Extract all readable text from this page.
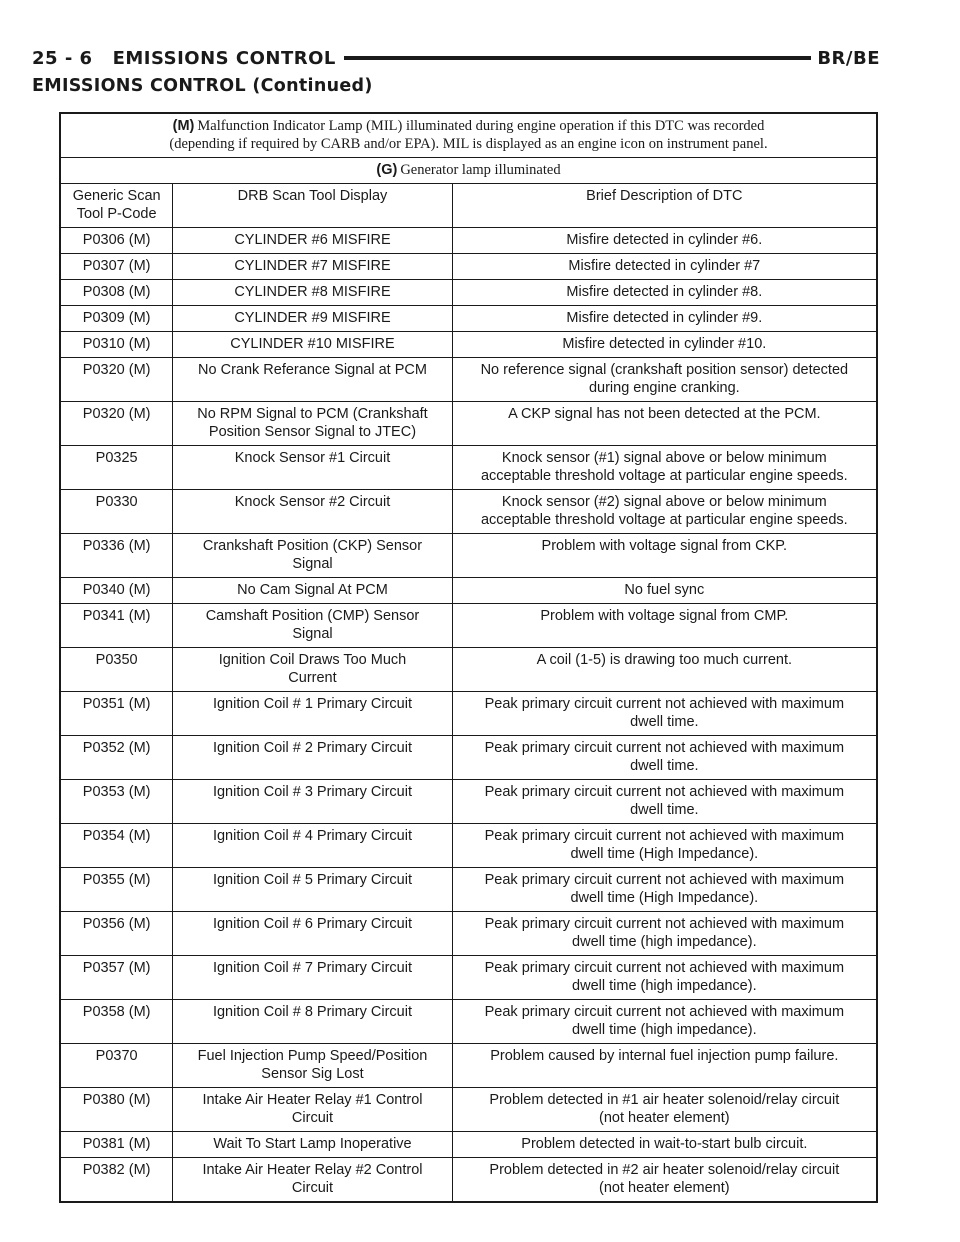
25 - 6 EMISSIONS CONTROL	BR/BE
EMISSIONS CONTROL (Continued)
(M) Malfunction Indicator Lamp (MIL) illuminated during engine operation if this DTC was recorded
(depending if required by CARB and/or EPA). MIL is displayed as an engine icon on instrument panel.		
(G) Generator lamp illuminated		
Generic Scan
Tool P-Code	DRB Scan Tool Display	Brief Description of DTC
P0306 (M)	CYLINDER #6 MISFIRE	Misfire detected in cylinder #6.
P0307 (M)	CYLINDER #7 MISFIRE	Misfire detected in cylinder #7
P0308 (M)	CYLINDER #8 MISFIRE	Misfire detected in cylinder #8.
P0309 (M)	CYLINDER #9 MISFIRE	Misfire detected in cylinder #9.
P0310 (M)	CYLINDER #10 MISFIRE	Misfire detected in cylinder #10.
P0320 (M)	No Crank Referance Signal at PCM	No reference signal (crankshaft position sensor) detected
during engine cranking.
P0320 (M)	No RPM Signal to PCM (Crankshaft
Position Sensor Signal to JTEC)	A CKP signal has not been detected at the PCM.
P0325	Knock Sensor #1 Circuit	Knock sensor (#1) signal above or below minimum
acceptable threshold voltage at particular engine speeds.
P0330	Knock Sensor #2 Circuit	Knock sensor (#2) signal above or below minimum
acceptable threshold voltage at particular engine speeds.
P0336 (M)	Crankshaft Position (CKP) Sensor
Signal	Problem with voltage signal from CKP.
P0340 (M)	No Cam Signal At PCM	No fuel sync
P0341 (M)	Camshaft Position (CMP) Sensor
Signal	Problem with voltage signal from CMP.
P0350	Ignition Coil Draws Too Much
Current	A coil (1-5) is drawing too much current.
P0351 (M)	Ignition Coil # 1 Primary Circuit	Peak primary circuit current not achieved with maximum
dwell time.
P0352 (M)	Ignition Coil # 2 Primary Circuit	Peak primary circuit current not achieved with maximum
dwell time.
P0353 (M)	Ignition Coil # 3 Primary Circuit	Peak primary circuit current not achieved with maximum
dwell time.
P0354 (M)	Ignition Coil # 4 Primary Circuit	Peak primary circuit current not achieved with maximum
dwell time (High Impedance).
P0355 (M)	Ignition Coil # 5 Primary Circuit	Peak primary circuit current not achieved with maximum
dwell time (High Impedance).
P0356 (M)	Ignition Coil # 6 Primary Circuit	Peak primary circuit current not achieved with maximum
dwell time (high impedance).
P0357 (M)	Ignition Coil # 7 Primary Circuit	Peak primary circuit current not achieved with maximum
dwell time (high impedance).
P0358 (M)	Ignition Coil # 8 Primary Circuit	Peak primary circuit current not achieved with maximum
dwell time (high impedance).
P0370	Fuel Injection Pump Speed/Position
Sensor Sig Lost	Problem caused by internal fuel injection pump failure.
P0380 (M)	Intake Air Heater Relay #1 Control
Circuit	Problem detected in #1 air heater solenoid/relay circuit
(not heater element)
P0381 (M)	Wait To Start Lamp Inoperative	Problem detected in wait-to-start bulb circuit.
P0382 (M)	Intake Air Heater Relay #2 Control
Circuit	Problem detected in #2 air heater solenoid/relay circuit
(not heater element)
